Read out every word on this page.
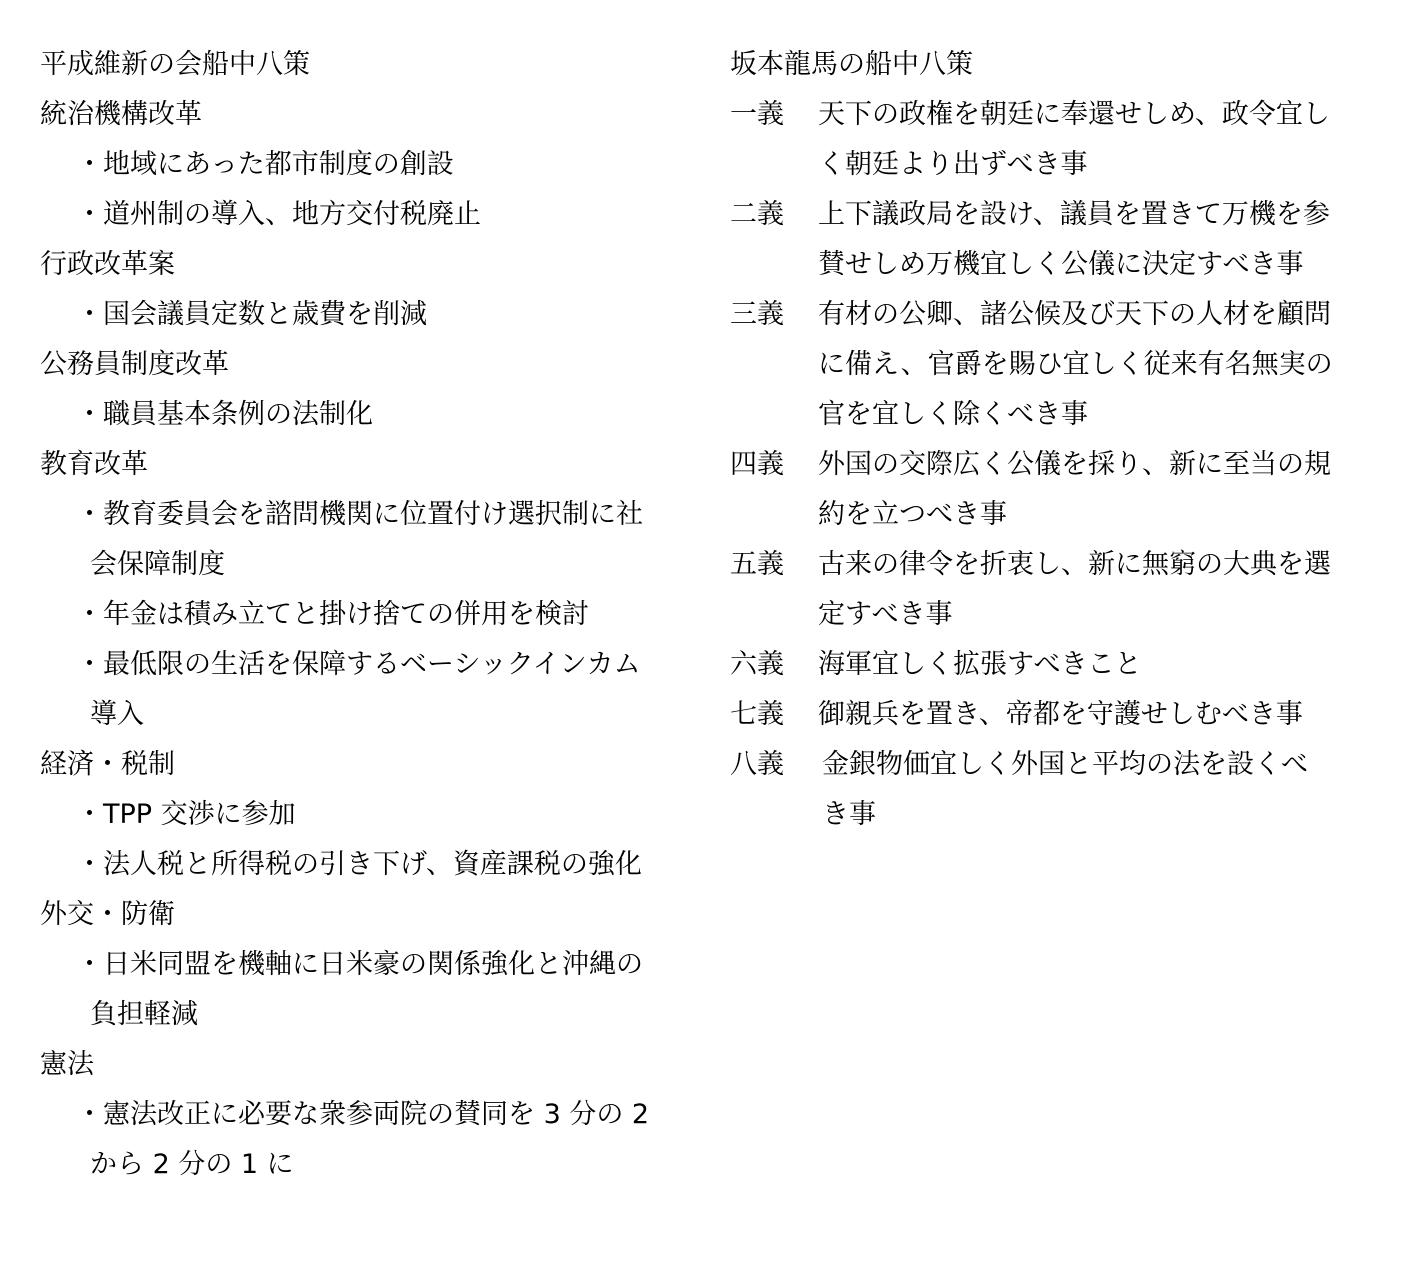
平成維新の会船中八策
統治機構改革
・地域にあった都市制度の創設
・道州制の導入、地方交付税廃止
行政改革案
・国会議員定数と歳費を削減
公務員制度改革
・職員基本条例の法制化
教育改革
・教育委員会を諮問機関に位置付け選択制に社
会保障制度
・年金は積み立てと掛け捨ての併用を検討
・最低限の生活を保障するベーシックインカム
導入
経済・税制
・TPP 交渉に参加
・法人税と所得税の引き下げ、資産課税の強化
外交・防衛
・日米同盟を機軸に日米豪の関係強化と沖縄の
負担軽減
憲法
・憲法改正に必要な衆参両院の賛同を 3 分の 2
から 2 分の 1 に
坂本龍馬の船中八策
一義 天下の政権を朝廷に奉還せしめ、政令宜し
く朝廷より出ずべき事
二義 上下議政局を設け、議員を置きて万機を参
賛せしめ万機宜しく公儀に決定すべき事
三義 有材の公卿、諸公候及び天下の人材を顧問
に備え、官爵を賜ひ宜しく従来有名無実の
官を宜しく除くべき事
四義 外国の交際広く公儀を採り、新に至当の規
約を立つべき事
五義 古来の律令を折衷し、新に無窮の大典を選
定すべき事
六義 海軍宜しく拡張すべきこと
七義 御親兵を置き、帝都を守護せしむべき事
八義 金銀物価宜しく外国と平均の法を設くべ
き事
